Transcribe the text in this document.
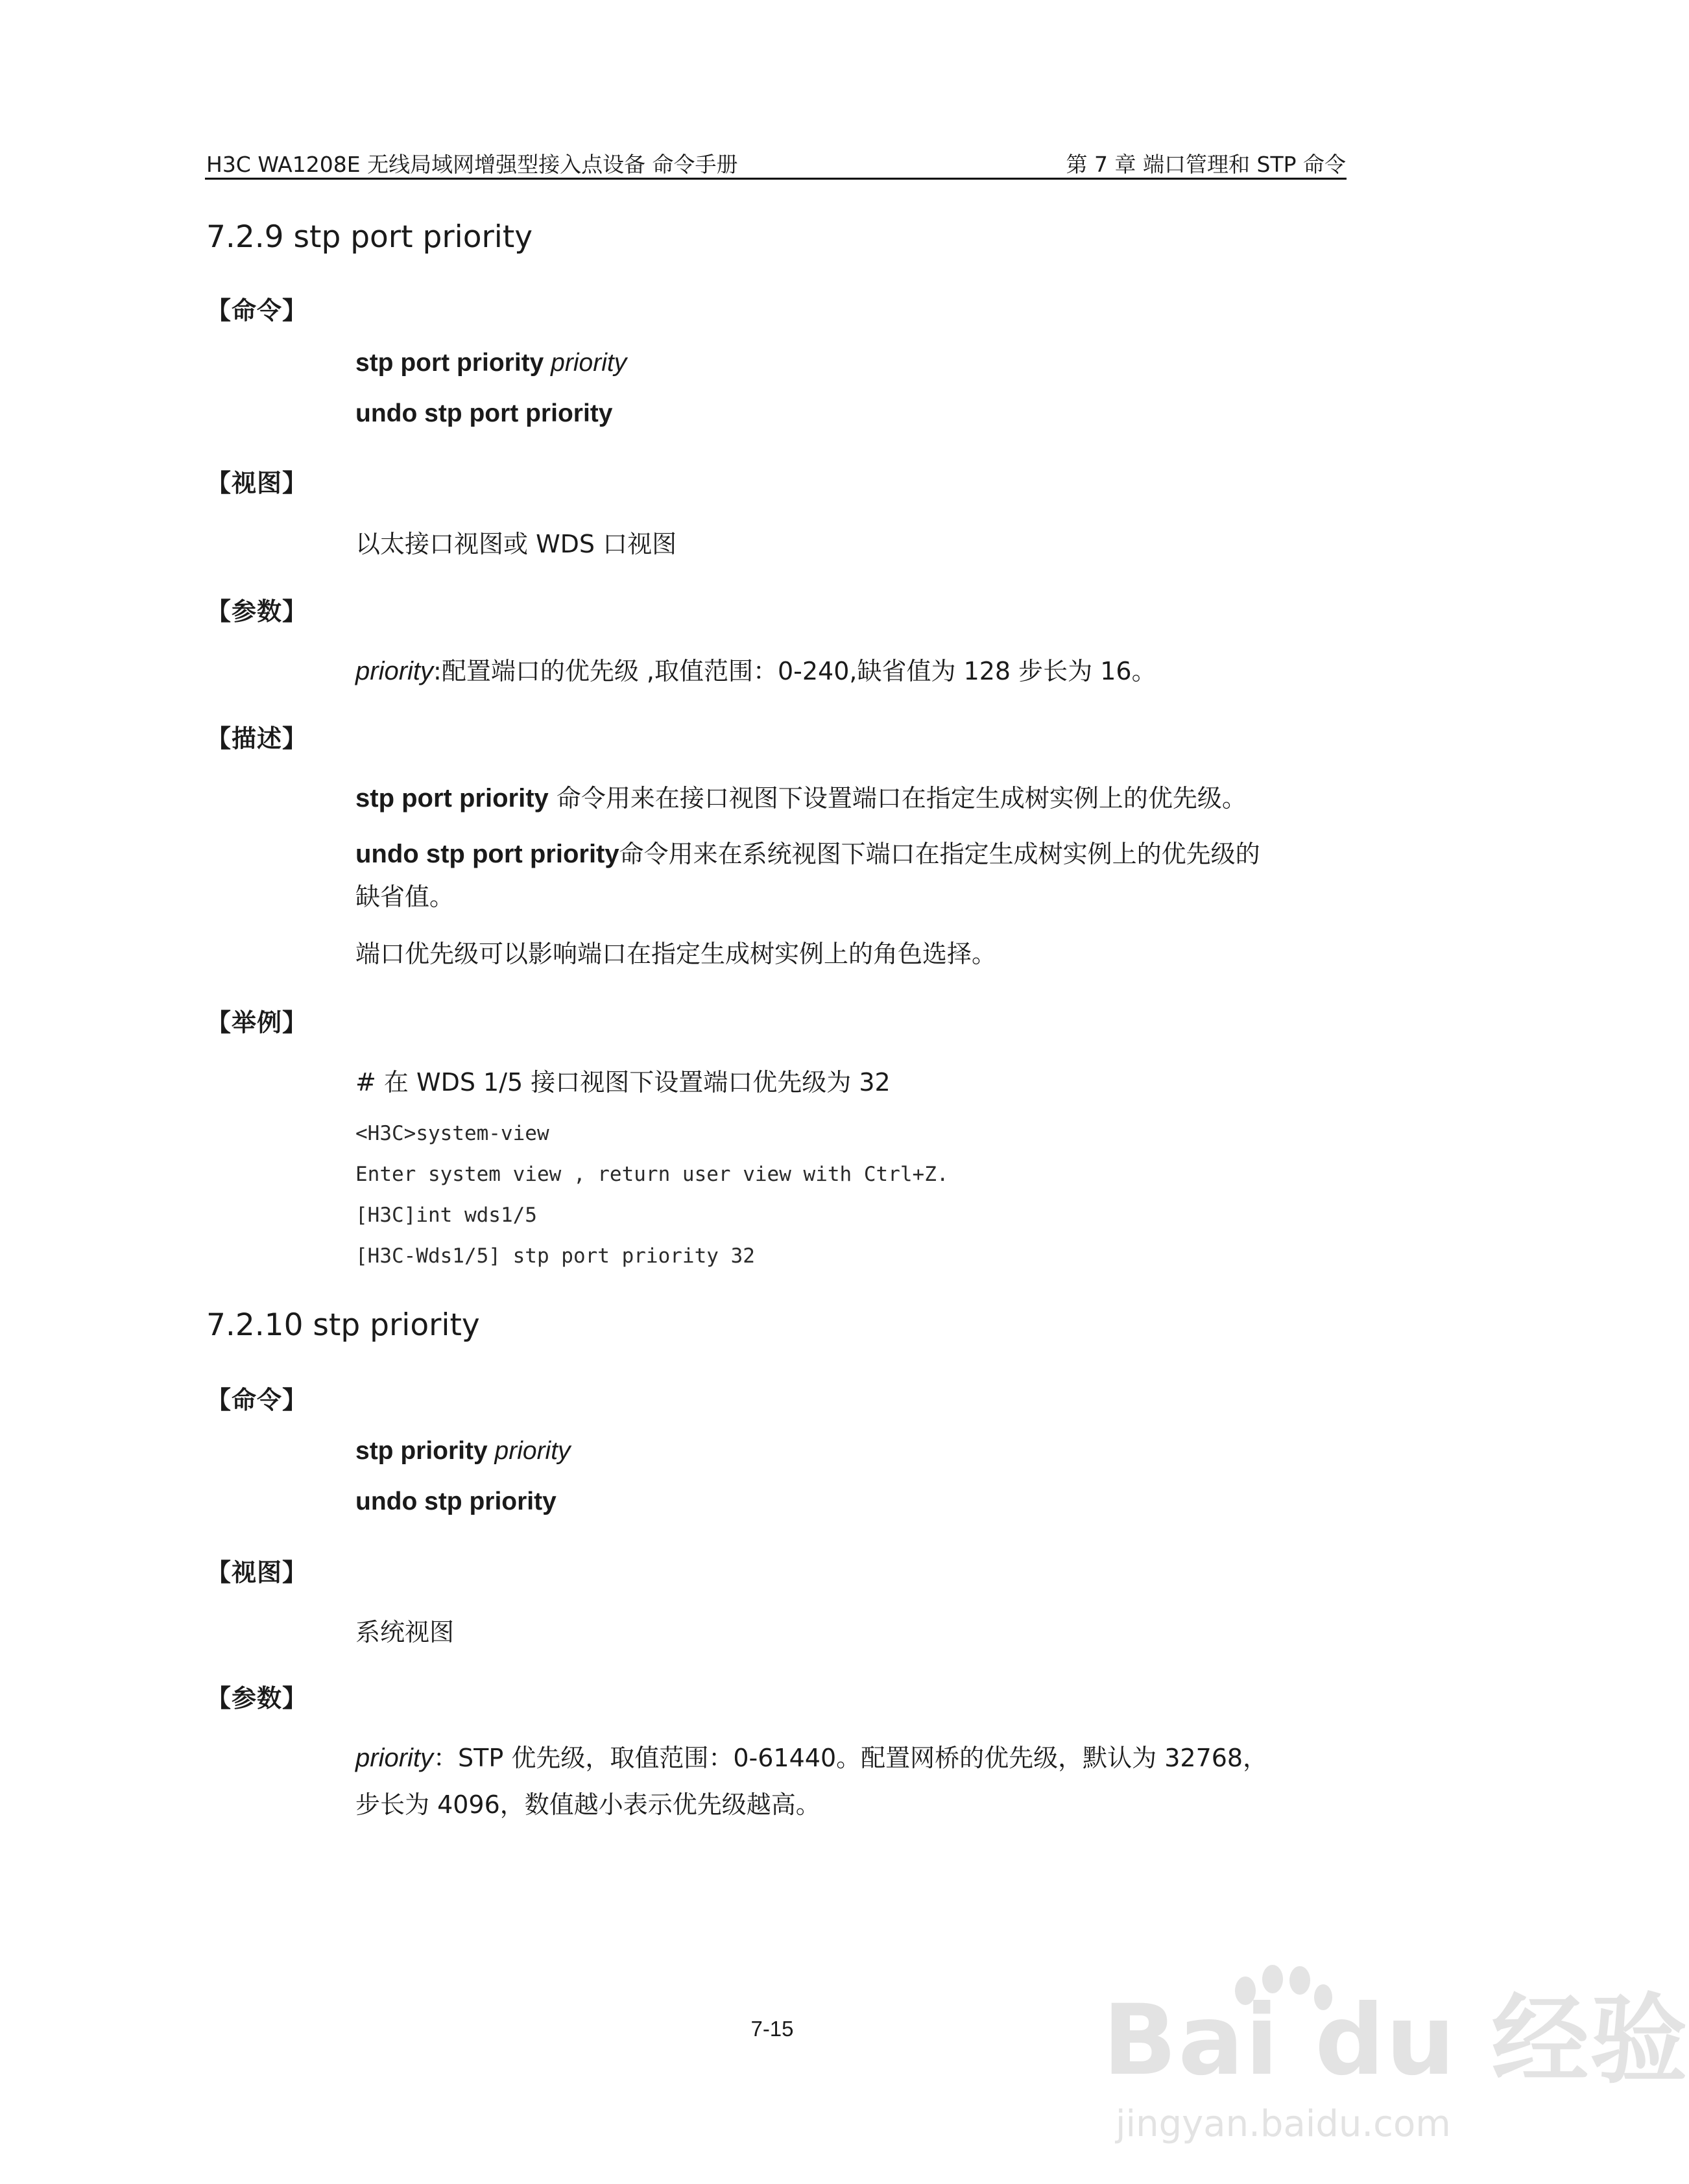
H3C WA1208E 无线局域网增强型接入点设备 命令手册	第 7 章 端口管理和 STP 命令
7.2.9 stp port priority
【命令】
stp port priority priority
undo stp port priority
【视图】
以太接口视图或 WDS 口视图
【参数】
priority:配置端口的优先级 ,取值范围：0-240,缺省值为 128 步长为 16。
【描述】
stp port priority 命令用来在接口视图下设置端口在指定生成树实例上的优先级。
undo stp port priority命令用来在系统视图下端口在指定生成树实例上的优先级的
缺省值。
端口优先级可以影响端口在指定生成树实例上的角色选择。
【举例】
# 在 WDS 1/5 接口视图下设置端口优先级为 32
<H3C>system-view
Enter system view , return user view with Ctrl+Z.
[H3C]int wds1/5
[H3C-Wds1/5] stp port priority 32
7.2.10 stp priority
【命令】
stp priority priority
undo stp priority
【视图】
系统视图
【参数】
priority：STP 优先级，取值范围：0-61440。配置网桥的优先级，默认为 32768，
步长为 4096，数值越小表示优先级越高。
7-15	Bai du 经验
jingyan.baidu.com
